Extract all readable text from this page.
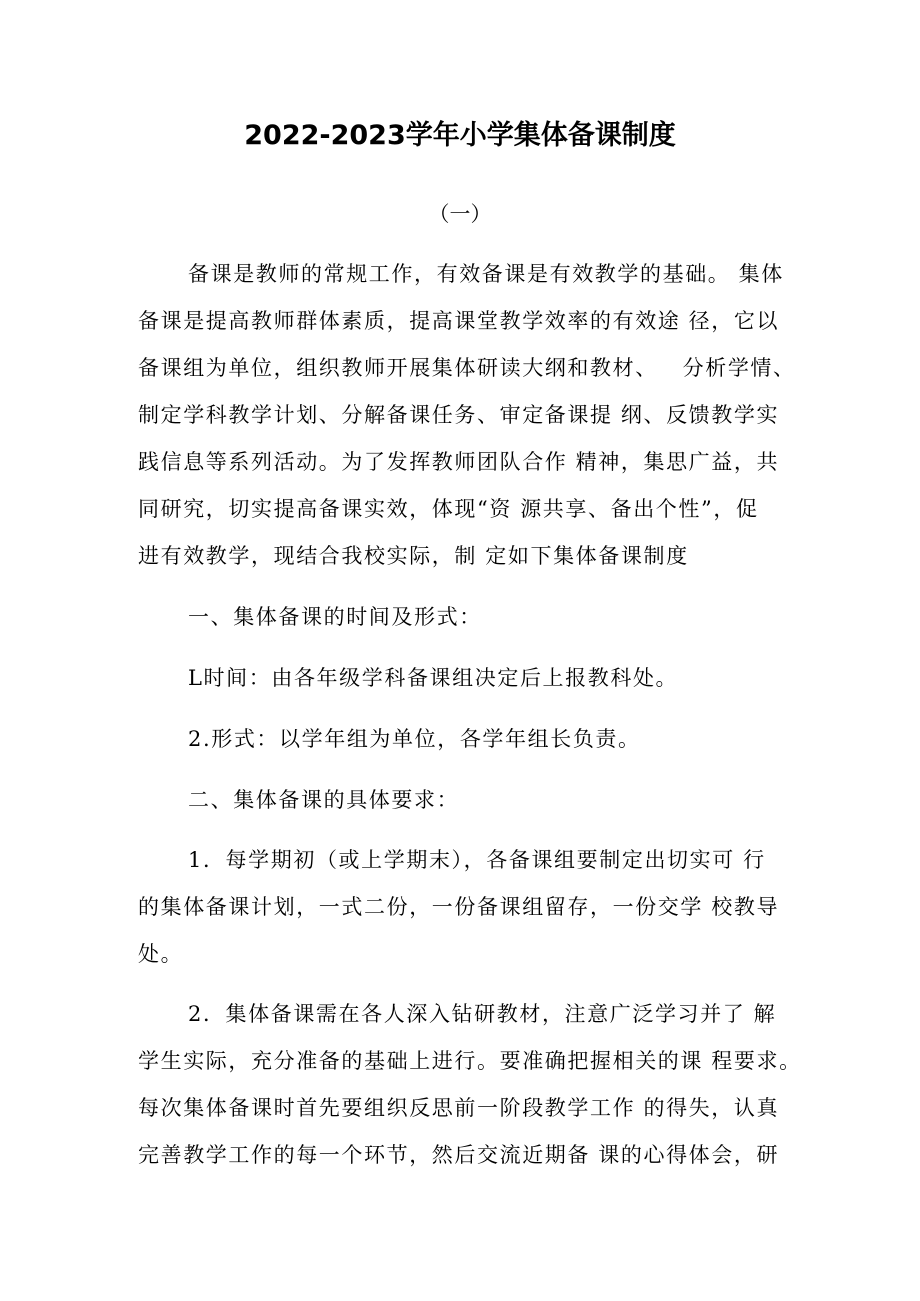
2022-2023学年小学集体备课制度
（一）
备课是教师的常规工作，有效备课是有效教学的基础。 集体
备课是提高教师群体素质，提高课堂教学效率的有效途 径，它以
备课组为单位，组织教师开展集体研读大纲和教材、   分析学情、
制定学科教学计划、分解备课任务、审定备课提 纲、反馈教学实
践信息等系列活动。为了发挥教师团队合作 精神，集思广益，共
同研究，切实提高备课实效，体现“资 源共享、备出个性”，促
进有效教学，现结合我校实际，制 定如下集体备课制度
一、集体备课的时间及形式：
L时间：由各年级学科备课组决定后上报教科处。
2.形式：以学年组为单位，各学年组长负责。
二、集体备课的具体要求：
1．每学期初（或上学期末），各备课组要制定出切实可 行
的集体备课计划，一式二份，一份备课组留存，一份交学 校教导
处。
2．集体备课需在各人深入钻研教材，注意广泛学习并了 解
学生实际，充分准备的基础上进行。要准确把握相关的课 程要求。
每次集体备课时首先要组织反思前一阶段教学工作 的得失，认真
完善教学工作的每一个环节，然后交流近期备 课的心得体会，研
